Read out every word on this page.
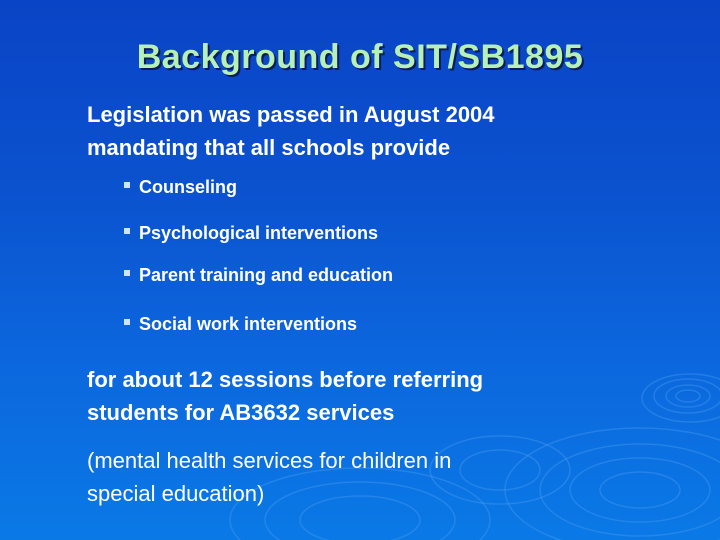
Background of SIT/SB1895
Legislation was passed in August 2004
mandating that all schools provide
Counseling
Psychological interventions
Parent training and education
Social work interventions
for about 12 sessions before referring
students for AB3632 services
(mental health services for children in
special education)
